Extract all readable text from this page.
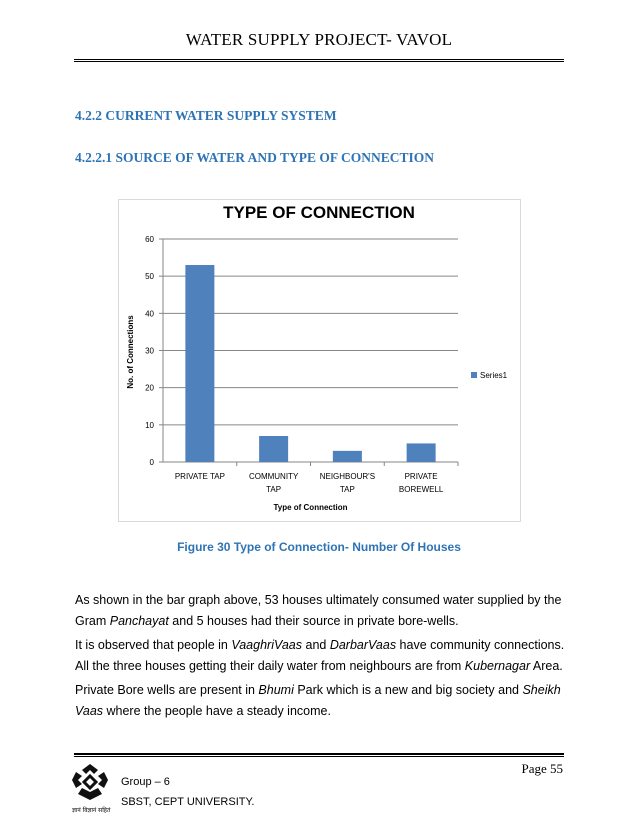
WATER SUPPLY PROJECT- VAVOL
4.2.2 CURRENT WATER SUPPLY SYSTEM
4.2.2.1 SOURCE OF WATER AND TYPE OF CONNECTION
TYPE OF CONNECTION
0
10
20
30
40
50
60
PRIVATE TAP	COMMUNITY
TAP
NEIGHBOUR'S
TAP
PRIVATE
BOREWELL
Type of Connection
No. of Connections	Series1
Figure 30 Type of Connection- Number Of Houses
As shown in the bar graph above, 53 houses ultimately consumed water supplied by the Gram Panchayat and 5 houses had their source in private bore-wells.
It is observed that people in VaaghriVaas and DarbarVaas have community connections. All the three houses getting their daily water from neighbours are from Kubernagar Area.
Private Bore wells are present in Bhumi Park which is a new and big society and Sheikh Vaas where the people have a steady income.
Page 55
ज्ञानं विज्ञानं सहितं
Group – 6
SBST, CEPT UNIVERSITY.
